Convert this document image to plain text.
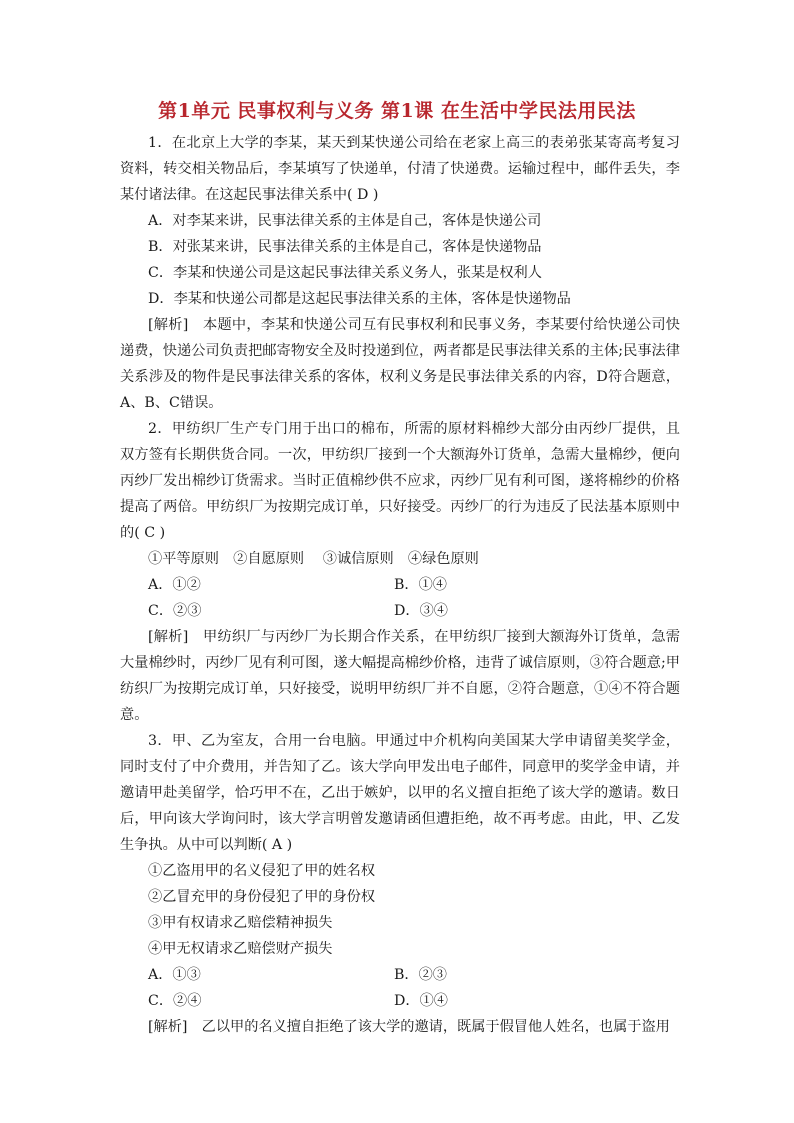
第1单元 民事权利与义务 第1课 在生活中学民法用民法

1．在北京上大学的李某，某天到某快递公司给在老家上高三的表弟张某寄高考复习资料，转交相关物品后，李某填写了快递单，付清了快递费。运输过程中，邮件丢失，李某付诸法律。在这起民事法律关系中( D )

A．对李某来讲，民事法律关系的主体是自己，客体是快递公司

B．对张某来讲，民事法律关系的主体是自己，客体是快递物品

C．李某和快递公司是这起民事法律关系义务人，张某是权利人

D．李某和快递公司都是这起民事法律关系的主体，客体是快递物品

[解析]　本题中，李某和快递公司互有民事权利和民事义务，李某要付给快递公司快递费，快递公司负责把邮寄物安全及时投递到位，两者都是民事法律关系的主体;民事法律关系涉及的物件是民事法律关系的客体，权利义务是民事法律关系的内容，D符合题意，A、B、C错误。

2．甲纺织厂生产专门用于出口的棉布，所需的原材料棉纱大部分由丙纱厂提供，且双方签有长期供货合同。一次，甲纺织厂接到一个大额海外订货单，急需大量棉纱，便向丙纱厂发出棉纱订货需求。当时正值棉纱供不应求，丙纱厂见有利可图，遂将棉纱的价格提高了两倍。甲纺织厂为按期完成订单，只好接受。丙纱厂的行为违反了民法基本原则中的( C )

①平等原则　②自愿原则　 ③诚信原则　④绿色原则

A．①②	B．①④
C．②③	D．③④

[解析]　甲纺织厂与丙纱厂为长期合作关系，在甲纺织厂接到大额海外订货单，急需大量棉纱时，丙纱厂见有利可图，遂大幅提高棉纱价格，违背了诚信原则，③符合题意;甲纺织厂为按期完成订单，只好接受，说明甲纺织厂并不自愿，②符合题意，①④不符合题意。

3．甲、乙为室友，合用一台电脑。甲通过中介机构向美国某大学申请留美奖学金，同时支付了中介费用，并告知了乙。该大学向甲发出电子邮件，同意甲的奖学金申请，并邀请甲赴美留学，恰巧甲不在，乙出于嫉妒，以甲的名义擅自拒绝了该大学的邀请。数日后，甲向该大学询问时，该大学言明曾发邀请函但遭拒绝，故不再考虑。由此，甲、乙发生争执。从中可以判断( A )

①乙盗用甲的名义侵犯了甲的姓名权

②乙冒充甲的身份侵犯了甲的身份权

③甲有权请求乙赔偿精神损失

④甲无权请求乙赔偿财产损失

A．①③	B．②③
C．②④	D．①④

[解析]　乙以甲的名义擅自拒绝了该大学的邀请，既属于假冒他人姓名，也属于盗用
